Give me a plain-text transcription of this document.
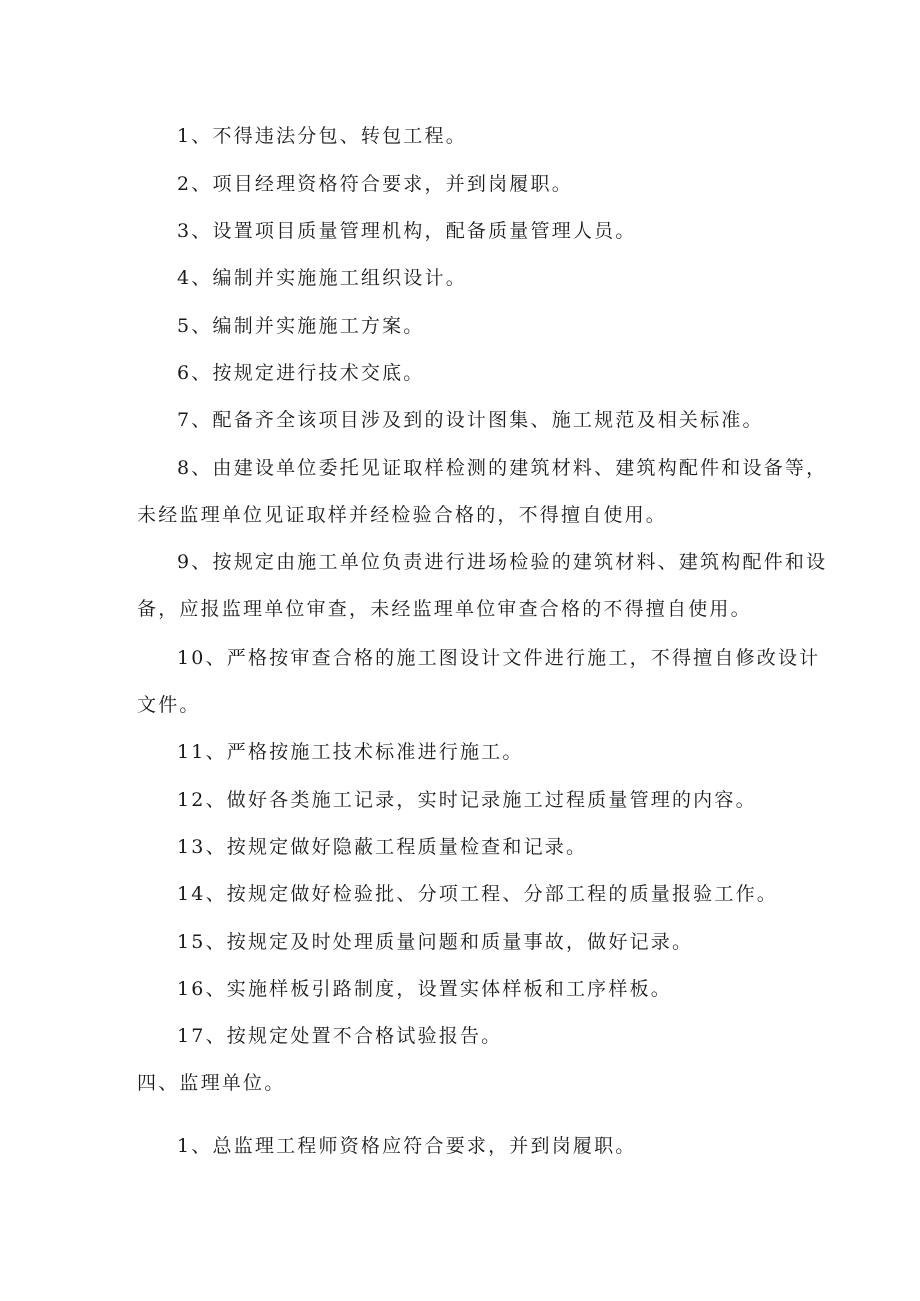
1、不得违法分包、转包工程。
2、项目经理资格符合要求，并到岗履职。
3、设置项目质量管理机构，配备质量管理人员。
4、编制并实施施工组织设计。
5、编制并实施施工方案。
6、按规定进行技术交底。
7、配备齐全该项目涉及到的设计图集、施工规范及相关标准。
8、由建设单位委托见证取样检测的建筑材料、建筑构配件和设备等，
未经监理单位见证取样并经检验合格的，不得擅自使用。
9、按规定由施工单位负责进行进场检验的建筑材料、建筑构配件和设
备，应报监理单位审查，未经监理单位审查合格的不得擅自使用。
10、严格按审查合格的施工图设计文件进行施工，不得擅自修改设计
文件。
11、严格按施工技术标准进行施工。
12、做好各类施工记录，实时记录施工过程质量管理的内容。
13、按规定做好隐蔽工程质量检查和记录。
14、按规定做好检验批、分项工程、分部工程的质量报验工作。
15、按规定及时处理质量问题和质量事故，做好记录。
16、实施样板引路制度，设置实体样板和工序样板。
17、按规定处置不合格试验报告。
四、监理单位。
1、总监理工程师资格应符合要求，并到岗履职。
